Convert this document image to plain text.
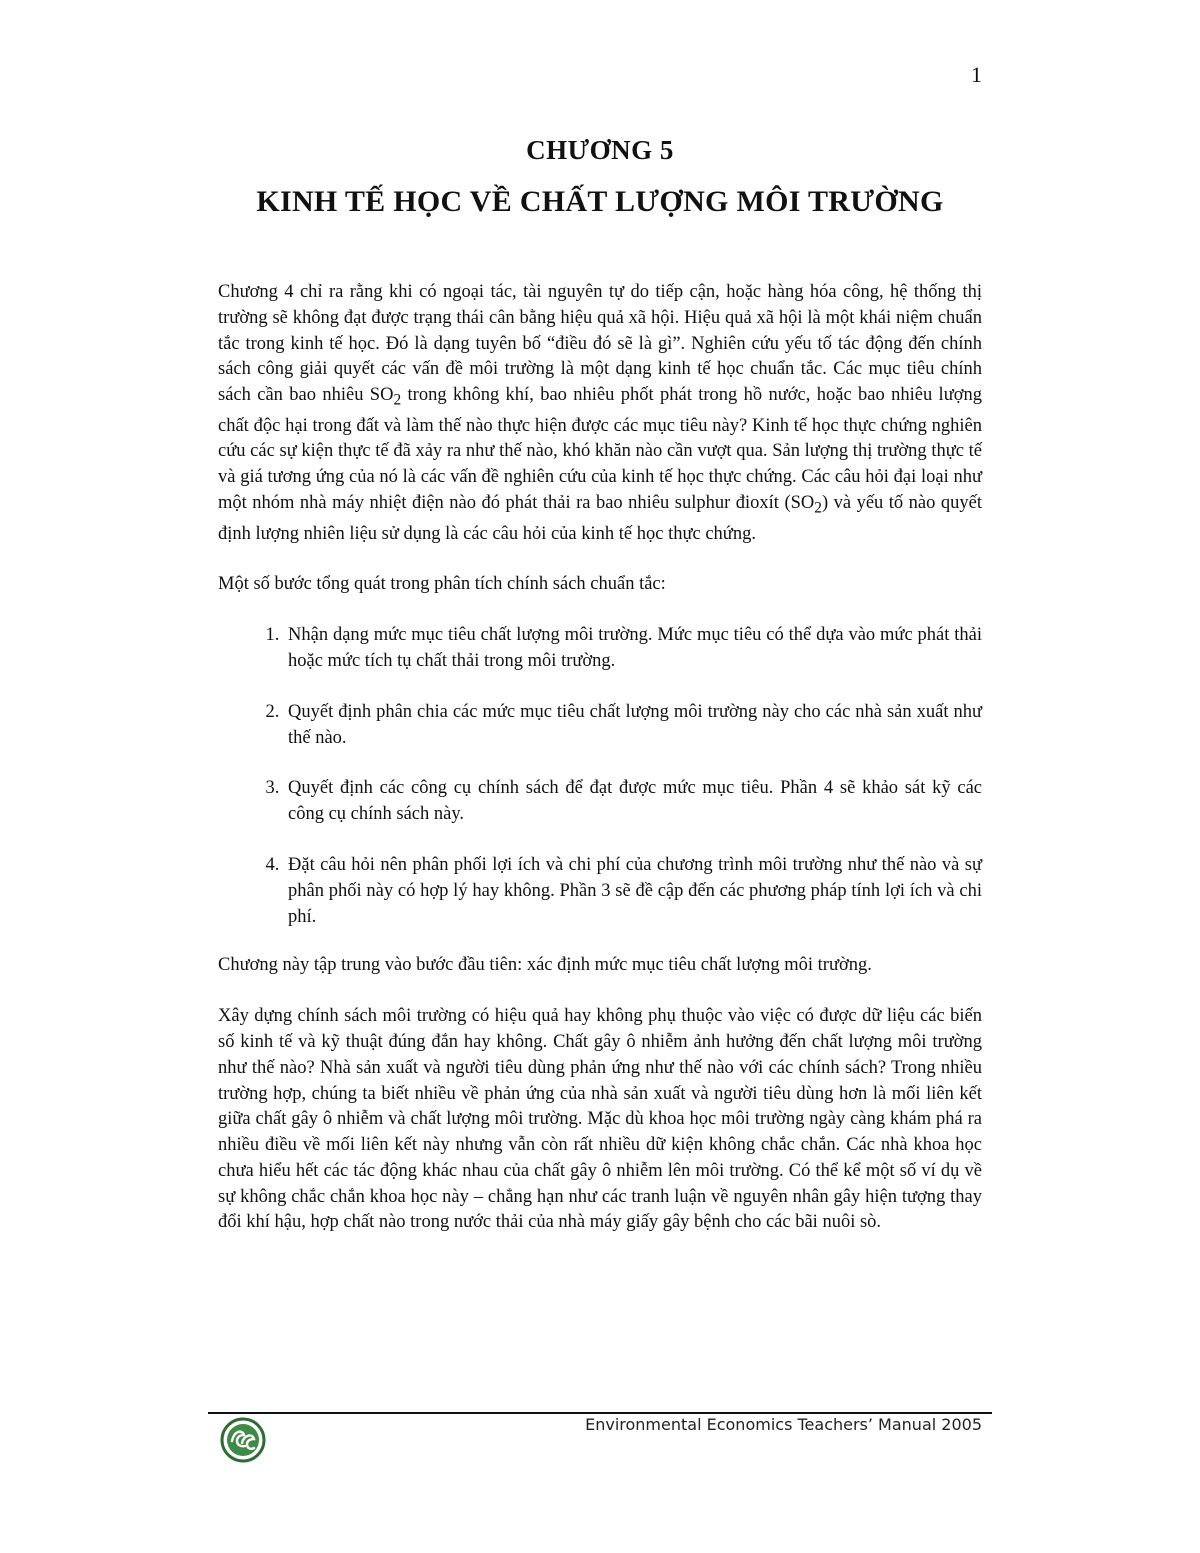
1
CHƯƠNG 5
KINH TẾ HỌC VỀ CHẤT LƯỢNG MÔI TRƯỜNG

Chương 4 chỉ ra rằng khi có ngoại tác, tài nguyên tự do tiếp cận, hoặc hàng hóa công, hệ thống thị trường sẽ không đạt được trạng thái cân bằng hiệu quả xã hội. Hiệu quả xã hội là một khái niệm chuẩn tắc trong kinh tế học. Đó là dạng tuyên bố “điều đó sẽ là gì”. Nghiên cứu yếu tố tác động đến chính sách công giải quyết các vấn đề môi trường là một dạng kinh tế học chuẩn tắc. Các mục tiêu chính sách cần bao nhiêu $SO_2$ trong không khí, bao nhiêu phốt phát trong hồ nước, hoặc bao nhiêu lượng chất độc hại trong đất và làm thế nào thực hiện được các mục tiêu này? Kinh tế học thực chứng nghiên cứu các sự kiện thực tế đã xảy ra như thế nào, khó khăn nào cần vượt qua. Sản lượng thị trường thực tế và giá tương ứng của nó là các vấn đề nghiên cứu của kinh tế học thực chứng. Các câu hỏi đại loại như một nhóm nhà máy nhiệt điện nào đó phát thải ra bao nhiêu sulphur đioxít $(SO_2)$ và yếu tố nào quyết định lượng nhiên liệu sử dụng là các câu hỏi của kinh tế học thực chứng.

Một số bước tổng quát trong phân tích chính sách chuẩn tắc:

1. Nhận dạng mức mục tiêu chất lượng môi trường. Mức mục tiêu có thể dựa vào mức phát thải hoặc mức tích tụ chất thải trong môi trường.
2. Quyết định phân chia các mức mục tiêu chất lượng môi trường này cho các nhà sản xuất như thế nào.
3. Quyết định các công cụ chính sách để đạt được mức mục tiêu. Phần 4 sẽ khảo sát kỹ các công cụ chính sách này.
4. Đặt câu hỏi nên phân phối lợi ích và chi phí của chương trình môi trường như thế nào và sự phân phối này có hợp lý hay không. Phần 3 sẽ đề cập đến các phương pháp tính lợi ích và chi phí.

Chương này tập trung vào bước đầu tiên: xác định mức mục tiêu chất lượng môi trường.

Xây dựng chính sách môi trường có hiệu quả hay không phụ thuộc vào việc có được dữ liệu các biến số kinh tế và kỹ thuật đúng đắn hay không. Chất gây ô nhiễm ảnh hưởng đến chất lượng môi trường như thế nào? Nhà sản xuất và người tiêu dùng phản ứng như thế nào với các chính sách? Trong nhiều trường hợp, chúng ta biết nhiều về phản ứng của nhà sản xuất và người tiêu dùng hơn là mối liên kết giữa chất gây ô nhiễm và chất lượng môi trường. Mặc dù khoa học môi trường ngày càng khám phá ra nhiều điều về mối liên kết này nhưng vẫn còn rất nhiều dữ kiện không chắc chắn. Các nhà khoa học chưa hiểu hết các tác động khác nhau của chất gây ô nhiễm lên môi trường. Có thể kể một số ví dụ về sự không chắc chắn khoa học này – chẳng hạn như các tranh luận về nguyên nhân gây hiện tượng thay đổi khí hậu, hợp chất nào trong nước thải của nhà máy giấy gây bệnh cho các bãi nuôi sò.

Environmental Economics Teachers’ Manual 2005
